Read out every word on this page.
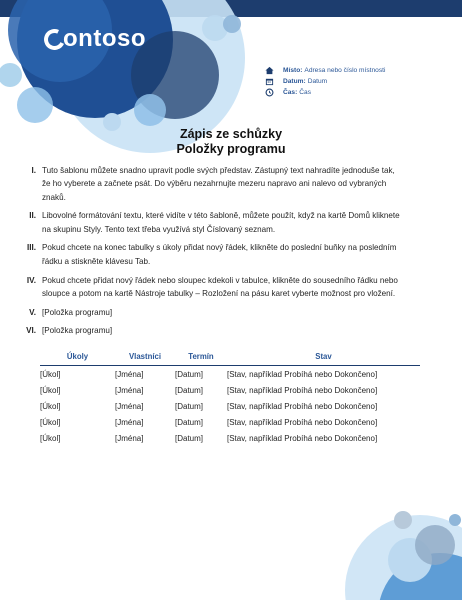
ontoso
Místo: Adresa nebo číslo místnosti
Datum: Datum
Čas: Čas
Zápis ze schůzky
Položky programu
I. Tuto šablonu můžete snadno upravit podle svých představ. Zástupný text nahradíte jednoduše tak, že ho vyberete a začnete psát. Do výběru nezahrnujte mezeru napravo ani nalevo od vybraných znaků.
II. Libovolné formátování textu, které vidíte v této šabloně, můžete použít, když na kartě Domů kliknete na skupinu Styly. Tento text třeba využívá styl Číslovaný seznam.
III. Pokud chcete na konec tabulky s úkoly přidat nový řádek, klikněte do poslední buňky na posledním řádku a stiskněte klávesu Tab.
IV. Pokud chcete přidat nový řádek nebo sloupec kdekoli v tabulce, klikněte do sousedního řádku nebo sloupce a potom na kartě Nástroje tabulky – Rozložení na pásu karet vyberte možnost pro vložení.
V. [Položka programu]
VI. [Položka programu]
Úkoly	Vlastníci	Termín	Stav
[Úkol]	[Jména]	[Datum]	[Stav, například Probíhá nebo Dokončeno]
[Úkol]	[Jména]	[Datum]	[Stav, například Probíhá nebo Dokončeno]
[Úkol]	[Jména]	[Datum]	[Stav, například Probíhá nebo Dokončeno]
[Úkol]	[Jména]	[Datum]	[Stav, například Probíhá nebo Dokončeno]
[Úkol]	[Jména]	[Datum]	[Stav, například Probíhá nebo Dokončeno]
